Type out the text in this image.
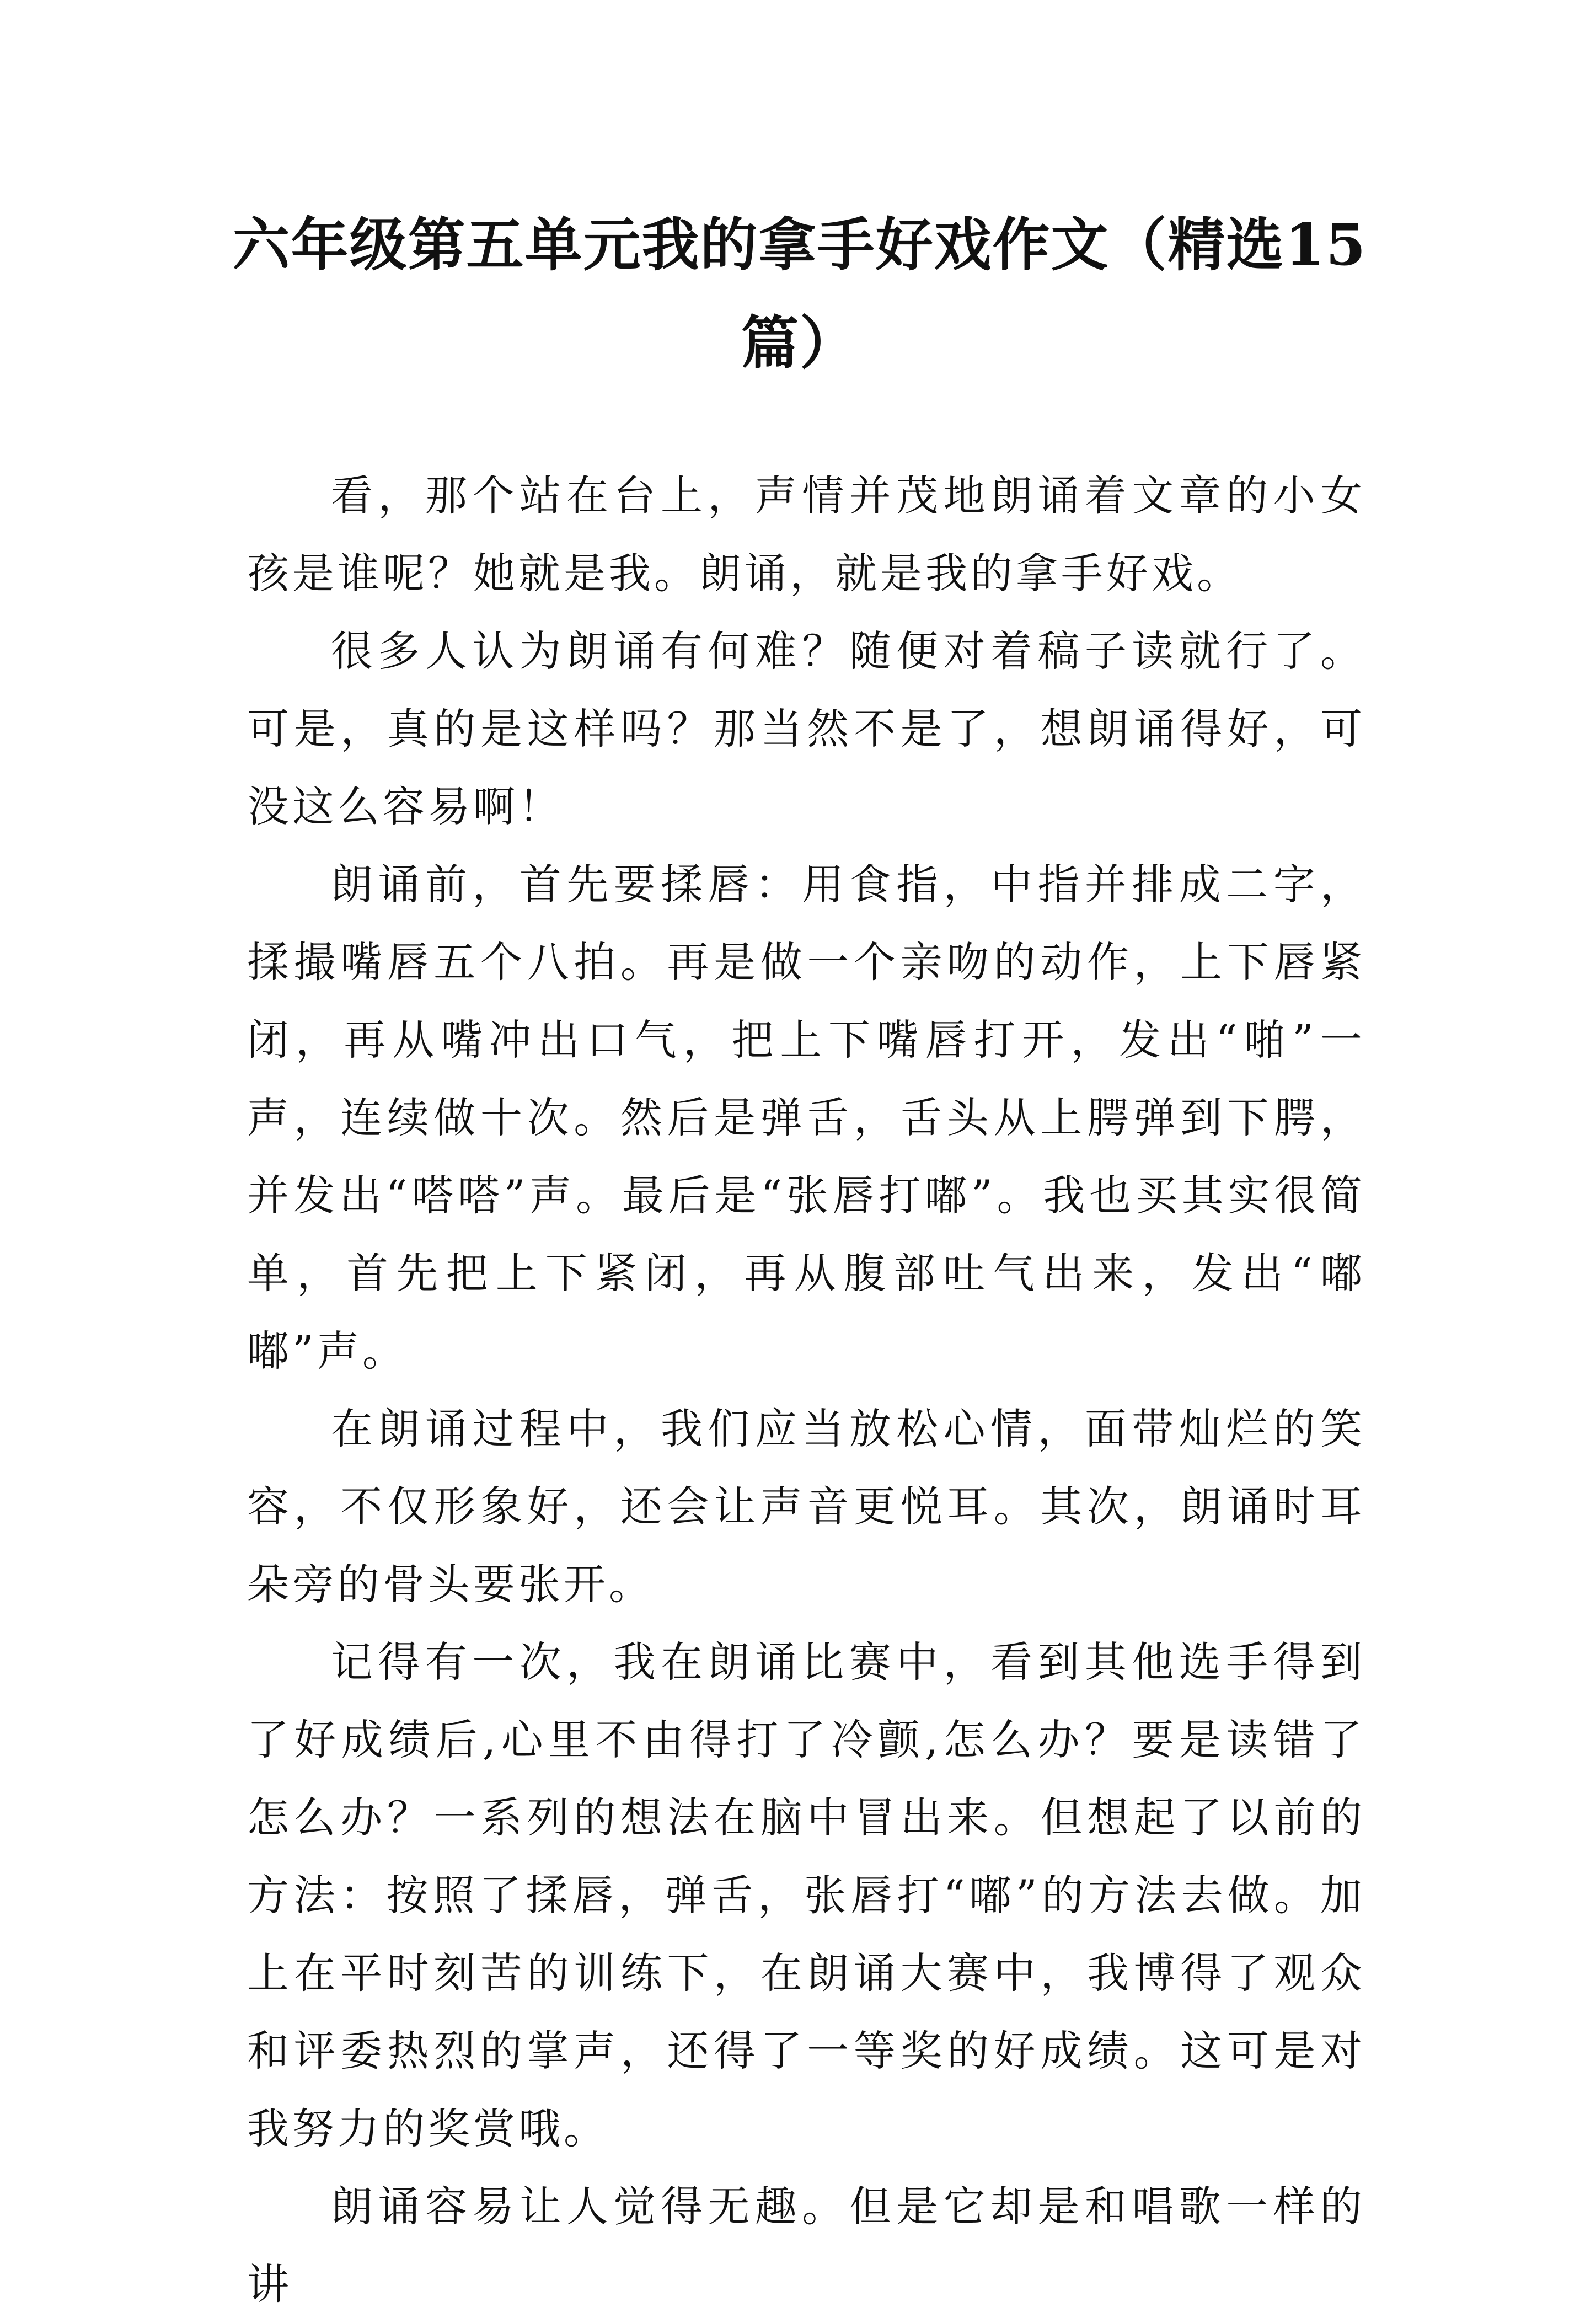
六年级第五单元我的拿手好戏作文（精选15篇）

看，那个站在台上，声情并茂地朗诵着文章的小女孩是谁呢？她就是我。朗诵，就是我的拿手好戏。

很多人认为朗诵有何难？随便对着稿子读就行了。可是，真的是这样吗？那当然不是了，想朗诵得好，可没这么容易啊！

朗诵前，首先要揉唇：用食指，中指并排成二字，揉撮嘴唇五个八拍。再是做一个亲吻的动作，上下唇紧闭，再从嘴冲出口气，把上下嘴唇打开，发出“啪”一声，连续做十次。然后是弹舌，舌头从上腭弹到下腭，并发出“嗒嗒”声。最后是“张唇打嘟”。我也买其实很简单，首先把上下紧闭，再从腹部吐气出来，发出“嘟嘟”声。

在朗诵过程中，我们应当放松心情，面带灿烂的笑容，不仅形象好，还会让声音更悦耳。其次，朗诵时耳朵旁的骨头要张开。

记得有一次，我在朗诵比赛中，看到其他选手得到了好成绩后,心里不由得打了冷颤,怎么办？要是读错了怎么办？一系列的想法在脑中冒出来。但想起了以前的方法：按照了揉唇，弹舌，张唇打“嘟”的方法去做。加上在平时刻苦的训练下，在朗诵大赛中，我博得了观众和评委热烈的掌声，还得了一等奖的好成绩。这可是对我努力的奖赏哦。

朗诵容易让人觉得无趣。但是它却是和唱歌一样的讲
